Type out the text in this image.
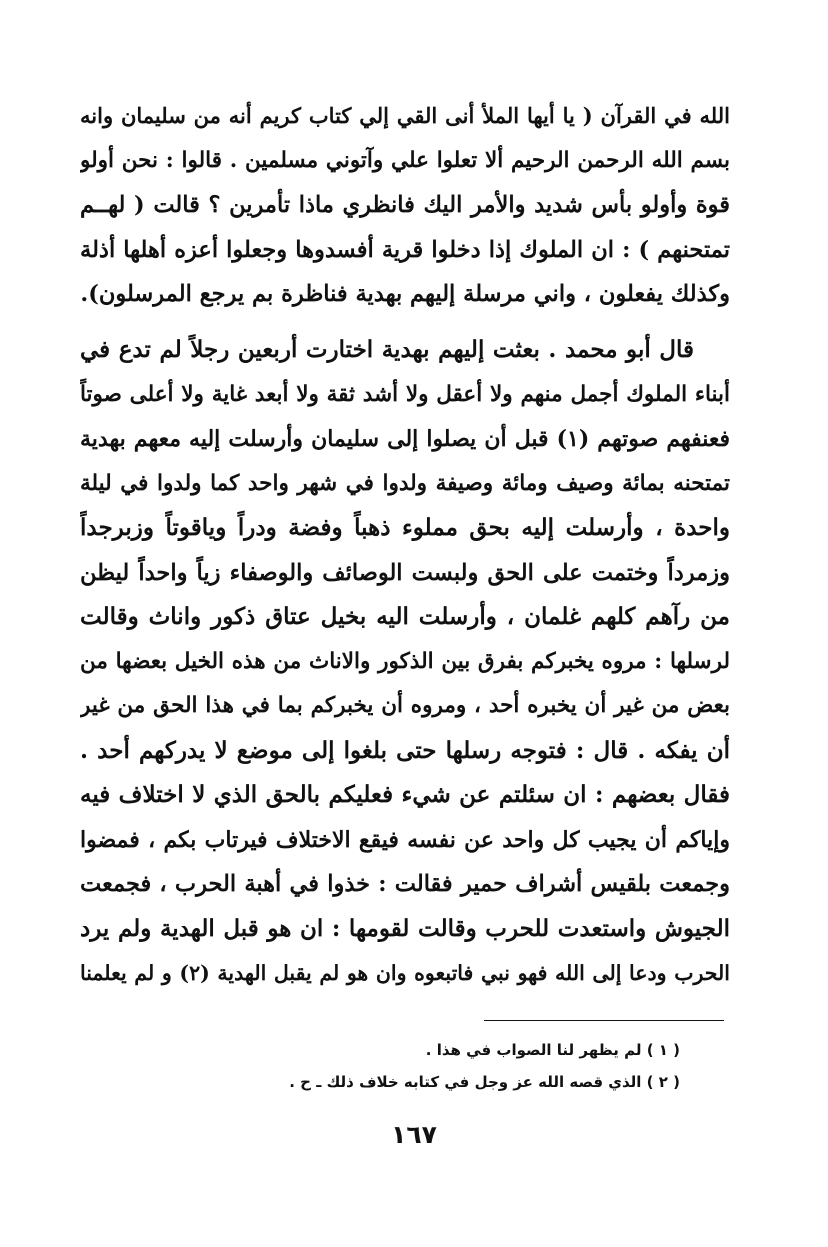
الله في القرآن ( يا أيها الملأ أنى القي إلي كتاب كريم أنه من سليمان وانه
بسم الله الرحمن الرحيم ألا تعلوا علي وآتوني مسلمين . قالوا : نحن أولو
قوة وأولو بأس شديد والأمر اليك فانظري ماذا تأمرين ؟ قالت ( لهــم
تمتحنهم ) : ان الملوك إذا دخلوا قرية أفسدوها وجعلوا أعزه أهلها أذلة
وكذلك يفعلون ، واني مرسلة إليهم بهدية فناظرة بم يرجع المرسلون).
قال أبو محمد . بعثت إليهم بهدية اختارت أربعين رجلاً لم تدع في
أبناء الملوك أجمل منهم ولا أعقل ولا أشد ثقة ولا أبعد غاية ولا أعلى صوتاً
فعنفهم صوتهم (١) قبل أن يصلوا إلى سليمان وأرسلت إليه معهم بهدية
تمتحنه بمائة وصيف ومائة وصيفة ولدوا في شهر واحد كما ولدوا في ليلة
واحدة ، وأرسلت إليه بحق مملوء ذهباً وفضة ودراً وياقوتاً وزبرجداً
وزمرداً وختمت على الحق ولبست الوصائف والوصفاء زياً واحداً ليظن
من رآهم كلهم غلمان ، وأرسلت اليه بخيل عتاق ذكور واناث وقالت
لرسلها : مروه يخبركم بفرق بين الذكور والاناث من هذه الخيل بعضها من
بعض من غير أن يخبره أحد ، ومروه أن يخبركم بما في هذا الحق من غير
أن يفكه . قال : فتوجه رسلها حتى بلغوا إلى موضع لا يدركهم أحد .
فقال بعضهم : ان سئلتم عن شيء فعليكم بالحق الذي لا اختلاف فيه
وإياكم أن يجيب كل واحد عن نفسه فيقع الاختلاف فيرتاب بكم ، فمضوا
وجمعت بلقيس أشراف حمير فقالت : خذوا في أهبة الحرب ، فجمعت
الجيوش واستعدت للحرب وقالت لقومها : ان هو قبل الهدية ولم يرد
الحرب ودعا إلى الله فهو نبي فاتبعوه وان هو لم يقبل الهدية (٢) و لم يعلمنا
( ١ ) لم يظهر لنا الصواب في هذا .
( ٢ ) الذي قصه الله عز وجل في كتابه خلاف ذلك ـ ح .
١٦٧
